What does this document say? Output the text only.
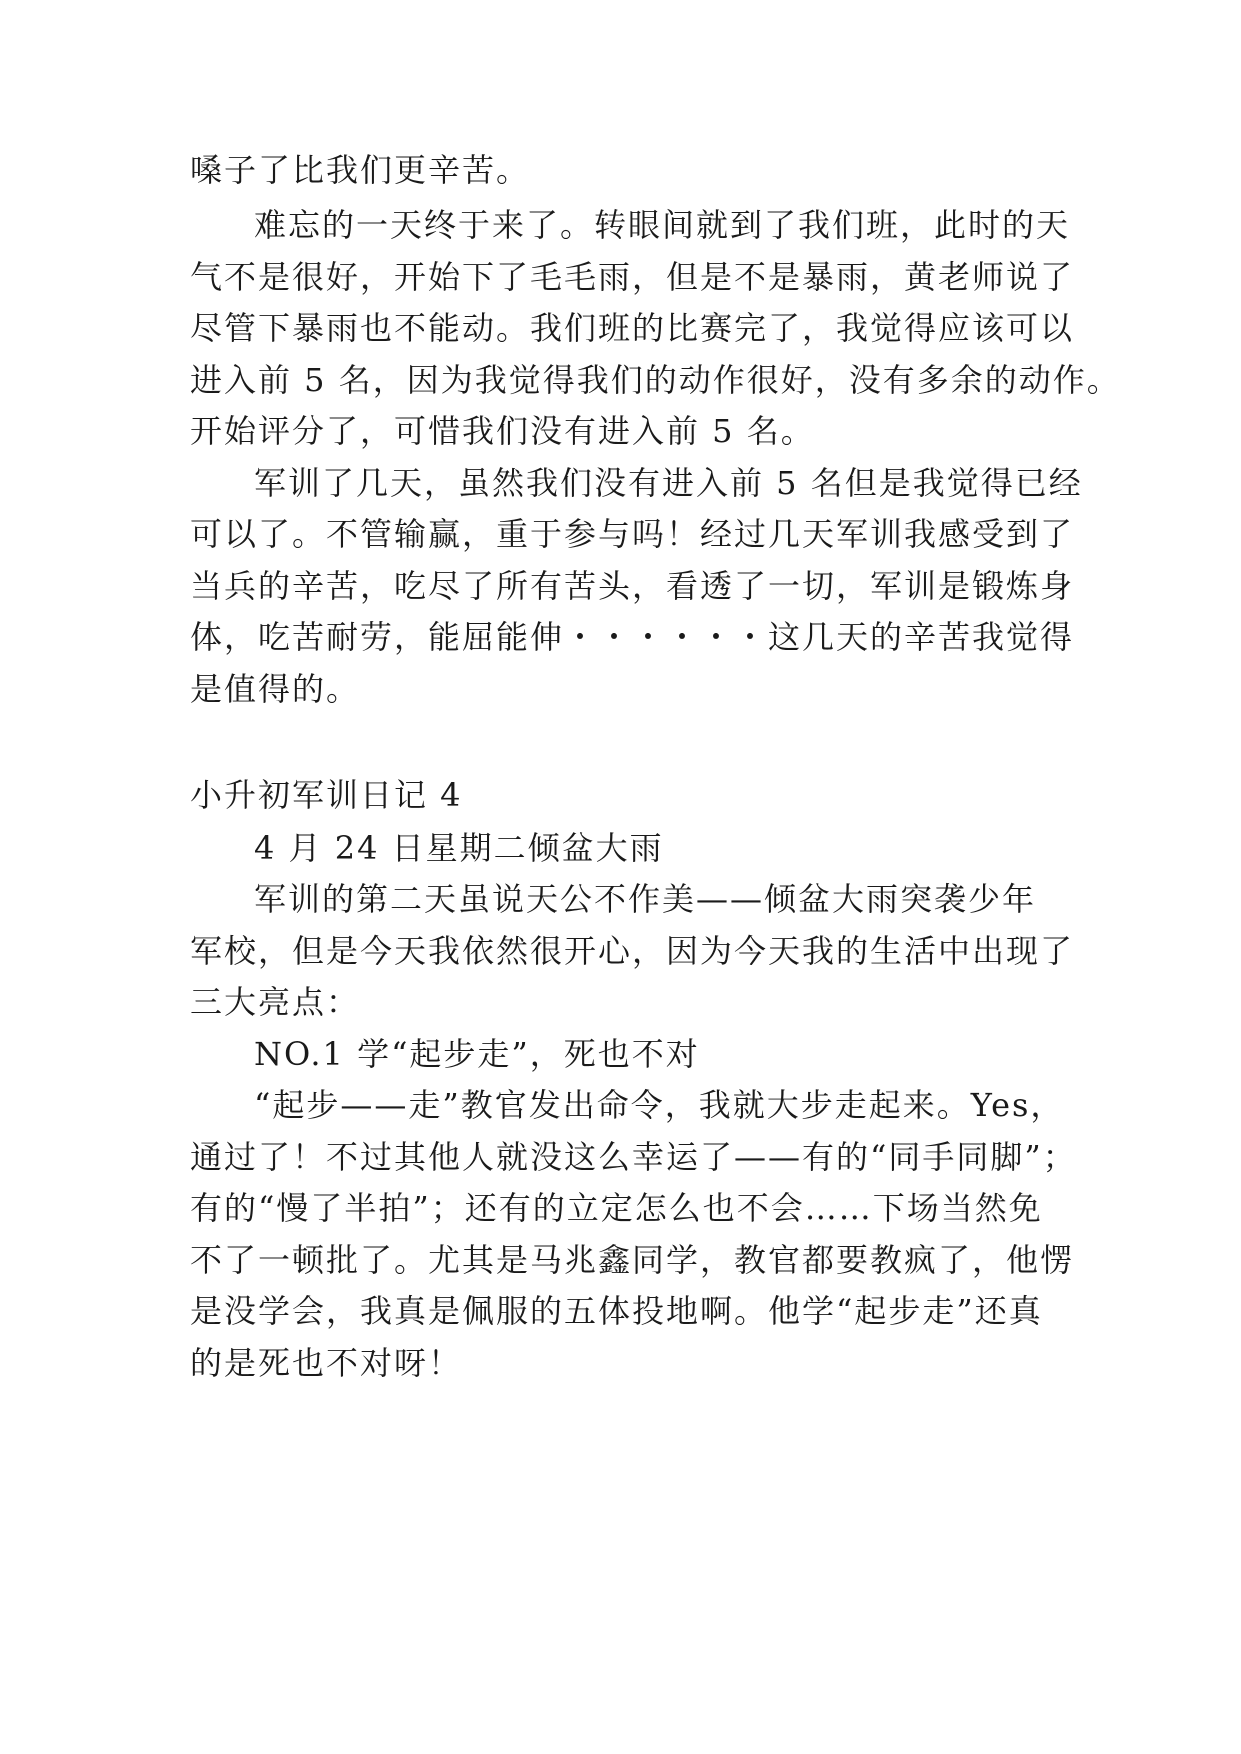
嗓子了比我们更辛苦。
难忘的一天终于来了。转眼间就到了我们班，此时的天
气不是很好，开始下了毛毛雨，但是不是暴雨，黄老师说了
尽管下暴雨也不能动。我们班的比赛完了，我觉得应该可以
进入前 5 名，因为我觉得我们的动作很好，没有多余的动作。
开始评分了，可惜我们没有进入前 5 名。
军训了几天，虽然我们没有进入前 5 名但是我觉得已经
可以了。不管输赢，重于参与吗！经过几天军训我感受到了
当兵的辛苦，吃尽了所有苦头，看透了一切，军训是锻炼身
体，吃苦耐劳，能屈能伸・・・・・・这几天的辛苦我觉得
是值得的。
小升初军训日记 4
4 月 24 日星期二倾盆大雨
军训的第二天虽说天公不作美——倾盆大雨突袭少年
军校，但是今天我依然很开心，因为今天我的生活中出现了
三大亮点：
NO.1 学“起步走”，死也不对
“起步——走”教官发出命令，我就大步走起来。Yes，
通过了！不过其他人就没这么幸运了——有的“同手同脚”；
有的“慢了半拍”；还有的立定怎么也不会……下场当然免
不了一顿批了。尤其是马兆鑫同学，教官都要教疯了，他愣
是没学会，我真是佩服的五体投地啊。他学“起步走”还真
的是死也不对呀！
